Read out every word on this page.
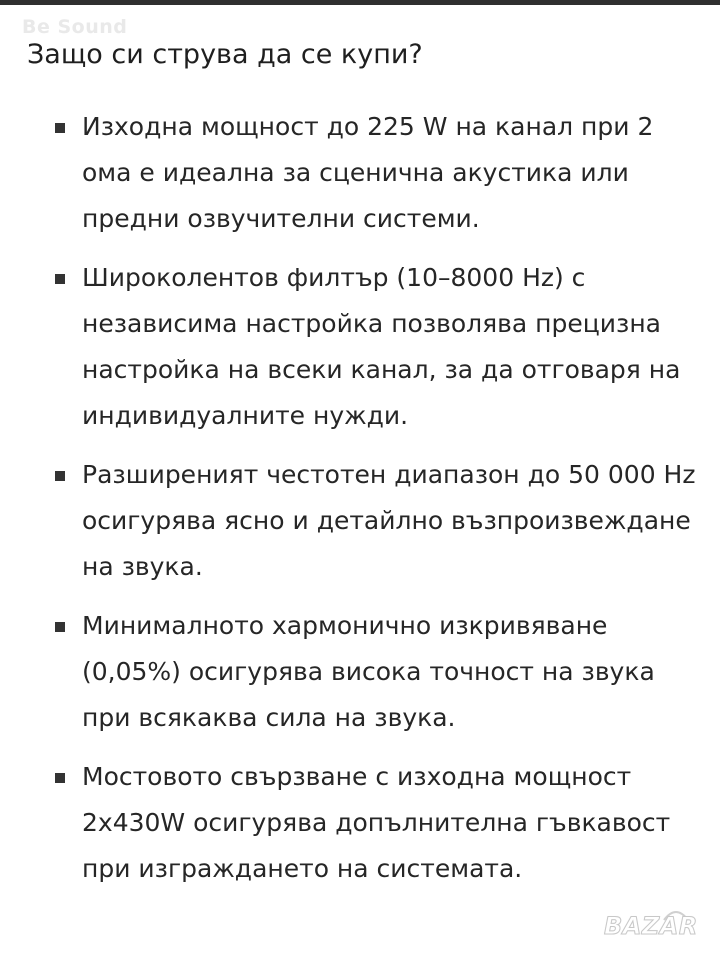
Be Sound
Защо си струва да се купи?
Изходна мощност до 225 W на канал при 2 ома е идеална за сценична акустика или предни озвучителни системи.
Широколентов филтър (10–8000 Hz) с независима настройка позволява прецизна настройка на всеки канал, за да отговаря на индивидуалните нужди.
Разширеният честотен диапазон до 50 000 Hz осигурява ясно и детайлно възпроизвеждане на звука.
Минималното хармонично изкривяване (0,05%) осигурява висока точност на звука при всякаква сила на звука.
Мостовото свързване с изходна мощност 2x430W осигурява допълнителна гъвкавост при изграждането на системата.
BAZAR
